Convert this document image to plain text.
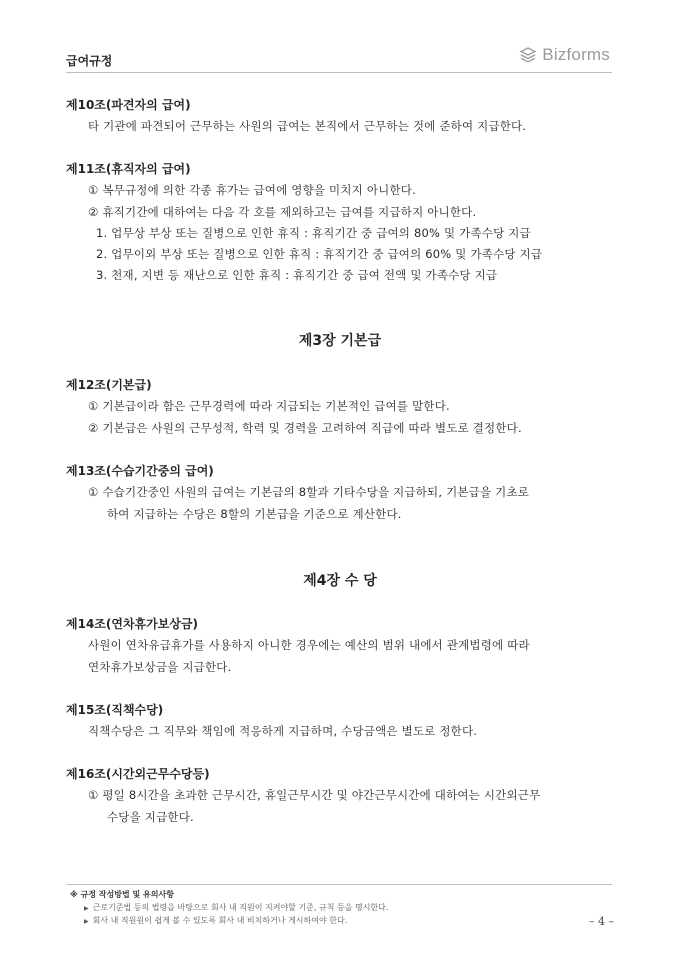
급여규정	Bizforms
제10조(파견자의 급여)
타 기관에 파견되어 근무하는 사원의 급여는 본직에서 근무하는 것에 준하여 지급한다.
제11조(휴직자의 급여)
① 복무규정에 의한 각종 휴가는 급여에 영향을 미치지 아니한다.
② 휴직기간에 대하여는 다음 각 호를 제외하고는 급여를 지급하지 아니한다.
1. 업무상 부상 또는 질병으로 인한 휴직 : 휴직기간 중 급여의 80% 및 가족수당 지급
2. 업무이외 부상 또는 질병으로 인한 휴직 : 휴직기간 중 급여의 60% 및 가족수당 지급
3. 천재, 지변 등 재난으로 인한 휴직 : 휴직기간 중 급여 전액 및 가족수당 지급
제3장 기본급
제12조(기본급)
① 기본급이라 함은 근무경력에 따라 지급되는 기본적인 급여를 말한다.
② 기본급은 사원의 근무성적, 학력 및 경력을 고려하여 직급에 따라 별도로 결정한다.
제13조(수습기간중의 급여)
① 수습기간중인 사원의 급여는 기본급의 8할과 기타수당을 지급하되, 기본급을 기초로
하여 지급하는 수당은 8할의 기본급을 기준으로 계산한다.
제4장 수 당
제14조(연차휴가보상금)
사원이 연차유급휴가를 사용하지 아니한 경우에는 예산의 범위 내에서 관계법령에 따라
연차휴가보상금을 지급한다.
제15조(직책수당)
직책수당은 그 직무와 책임에 적응하게 지급하며, 수당금액은 별도로 정한다.
제16조(시간외근무수당등)
① 평일 8시간을 초과한 근무시간, 휴일근무시간 및 야간근무시간에 대하여는 시간외근무
수당을 지급한다.
※ 규정 작성방법 및 유의사항
▶ 근로기준법 등의 법령을 바탕으로 회사 내 직원이 지켜야할 기준, 규칙 등을 명시한다.
▶ 회사 내 직원원이 쉽게 볼 수 있도록 회사 내 비치하거나 게시하여야 한다.	– 4 –
